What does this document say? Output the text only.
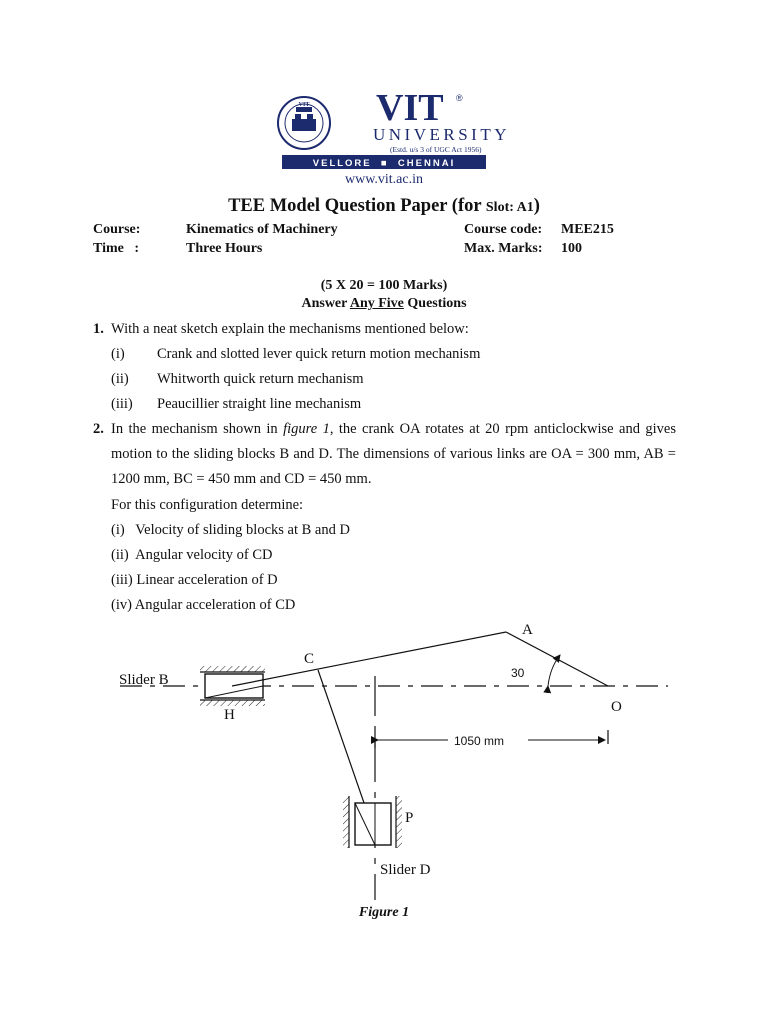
VIT VIT ®
UNIVERSITY
(Estd. u/s 3 of UGC Act 1956)
VELLORE  ■  CHENNAI
www.vit.ac.in
TEE Model Question Paper (for Slot: A1)
Course:	Kinematics of Machinery	Course code: MEE215
Time   :	Three Hours	Max. Marks: 100
(5 X 20 = 100 Marks)
Answer Any Five Questions
1. With a neat sketch explain the mechanisms mentioned below:
(i) Crank and slotted lever quick return motion mechanism
(ii) Whitworth quick return mechanism
(iii) Peaucillier straight line mechanism
2. In the mechanism shown in figure 1, the crank OA rotates at 20 rpm anticlockwise and gives motion to the sliding blocks B and D. The dimensions of various links are OA = 300 mm, AB = 1200 mm, BC = 450 mm and CD = 450 mm.
For this configuration determine:
(i)   Velocity of sliding blocks at B and D
(ii)  Angular velocity of CD
(iii) Linear acceleration of D
(iv) Angular acceleration of CD
Slider B
H
C
A
30
O
1050 mm
P
Slider D
Figure 1
